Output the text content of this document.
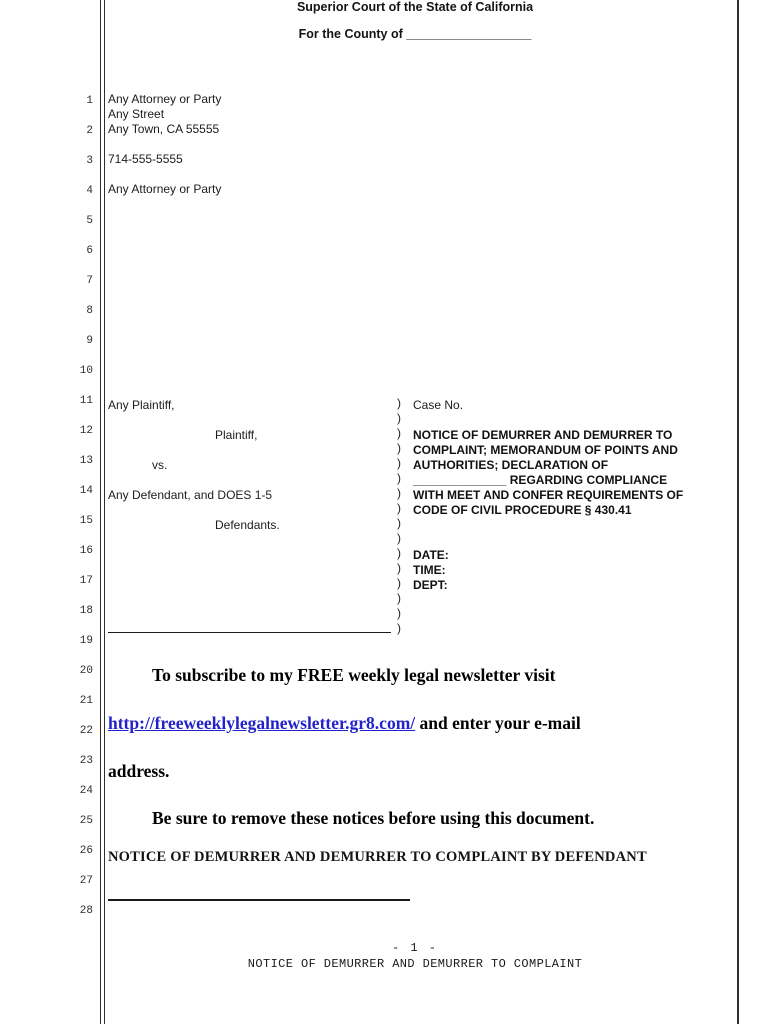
1
2
3
4
5
6
7
8
9
10
11
12
13
14
15
16
17
18
19
20
21
22
23
24
25
26
27
28
Any Attorney or Party
Any Street
Any Town, CA 55555
714-555-5555
Any Attorney or Party
Superior Court of the State of California
For the County of __________________
Any Plaintiff,
Plaintiff,
vs.
Any Defendant, and DOES 1-5
Defendants.
)
)
)
)
)
)
)
)
)
)
)
)
)
)
)
)
Case No.
NOTICE OF DEMURRER AND DEMURRER TO
COMPLAINT; MEMORANDUM OF POINTS AND
AUTHORITIES; DECLARATION OF
______________ REGARDING COMPLIANCE
WITH MEET AND CONFER REQUIREMENTS OF
CODE OF CIVIL PROCEDURE § 430.41
DATE:
TIME:
DEPT:
To subscribe to my FREE weekly legal newsletter visit
http://freeweeklylegalnewsletter.gr8.com/ and enter your e-mail
address.
Be sure to remove these notices before using this document.
NOTICE OF DEMURRER AND DEMURRER TO COMPLAINT BY DEFENDANT
- 1 -
NOTICE OF DEMURRER AND DEMURRER TO COMPLAINT
